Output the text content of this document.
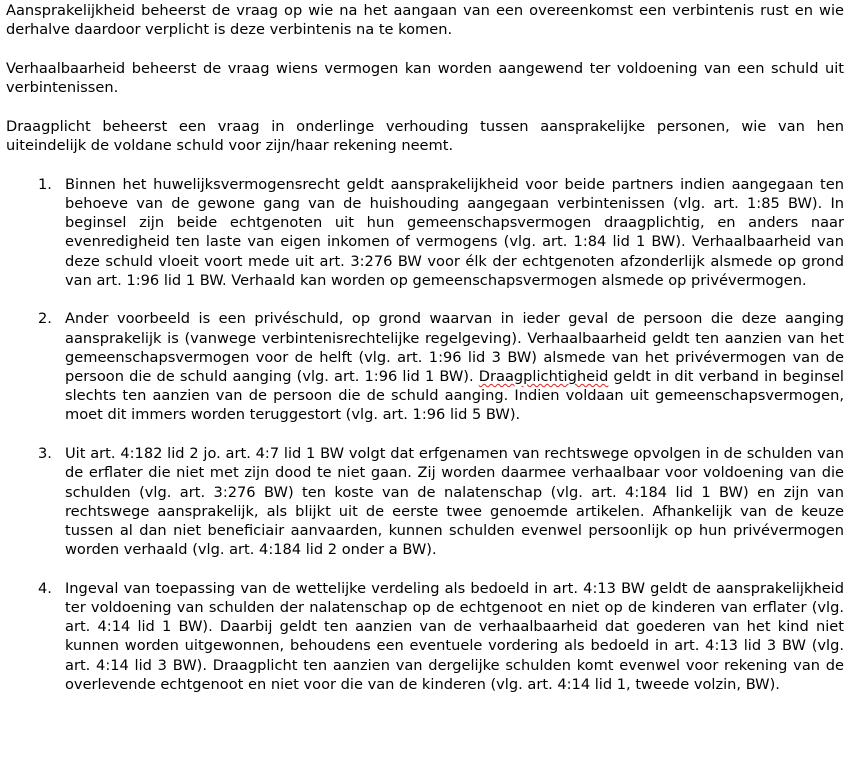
Aansprakelijkheid beheerst de vraag op wie na het aangaan van een overeenkomst een verbintenis rust en wie derhalve daardoor verplicht is deze verbintenis na te komen.

Verhaalbaarheid beheerst de vraag wiens vermogen kan worden aangewend ter voldoening van een schuld uit verbintenissen.

Draagplicht beheerst een vraag in onderlinge verhouding tussen aansprakelijke personen, wie van hen uiteindelijk de voldane schuld voor zijn/haar rekening neemt.

1. Binnen het huwelijksvermogensrecht geldt aansprakelijkheid voor beide partners indien aangegaan ten behoeve van de gewone gang van de huishouding aangegaan verbintenissen (vlg. art. 1:85 BW). In beginsel zijn beide echtgenoten uit hun gemeenschapsvermogen draagplichtig, en anders naar evenredigheid ten laste van eigen inkomen of vermogens (vlg. art. 1:84 lid 1 BW). Verhaalbaarheid van deze schuld vloeit voort mede uit art. 3:276 BW voor élk der echtgenoten afzonderlijk alsmede op grond van art. 1:96 lid 1 BW. Verhaald kan worden op gemeenschapsvermogen alsmede op privévermogen.
2. Ander voorbeeld is een privéschuld, op grond waarvan in ieder geval de persoon die deze aanging aansprakelijk is (vanwege verbintenisrechtelijke regelgeving). Verhaalbaarheid geldt ten aanzien van het gemeenschapsvermogen voor de helft (vlg. art. 1:96 lid 3 BW) alsmede van het privévermogen van de persoon die de schuld aanging (vlg. art. 1:96 lid 1 BW). Draagplichtigheid geldt in dit verband in beginsel slechts ten aanzien van de persoon die de schuld aanging. Indien voldaan uit gemeenschapsvermogen, moet dit immers worden teruggestort (vlg. art. 1:96 lid 5 BW).
3. Uit art. 4:182 lid 2 jo. art. 4:7 lid 1 BW volgt dat erfgenamen van rechtswege opvolgen in de schulden van de erflater die niet met zijn dood te niet gaan. Zij worden daarmee verhaalbaar voor voldoening van die schulden (vlg. art. 3:276 BW) ten koste van de nalatenschap (vlg. art. 4:184 lid 1 BW) en zijn van rechtswege aansprakelijk, als blijkt uit de eerste twee genoemde artikelen. Afhankelijk van de keuze tussen al dan niet beneficiair aanvaarden, kunnen schulden evenwel persoonlijk op hun privévermogen worden verhaald (vlg. art. 4:184 lid 2 onder a BW).
4. Ingeval van toepassing van de wettelijke verdeling als bedoeld in art. 4:13 BW geldt de aansprakelijkheid ter voldoening van schulden der nalatenschap op de echtgenoot en niet op de kinderen van erflater (vlg. art. 4:14 lid 1 BW). Daarbij geldt ten aanzien van de verhaalbaarheid dat goederen van het kind niet kunnen worden uitgewonnen, behoudens een eventuele vordering als bedoeld in art. 4:13 lid 3 BW (vlg. art. 4:14 lid 3 BW). Draagplicht ten aanzien van dergelijke schulden komt evenwel voor rekening van de overlevende echtgenoot en niet voor die van de kinderen (vlg. art. 4:14 lid 1, tweede volzin, BW).
